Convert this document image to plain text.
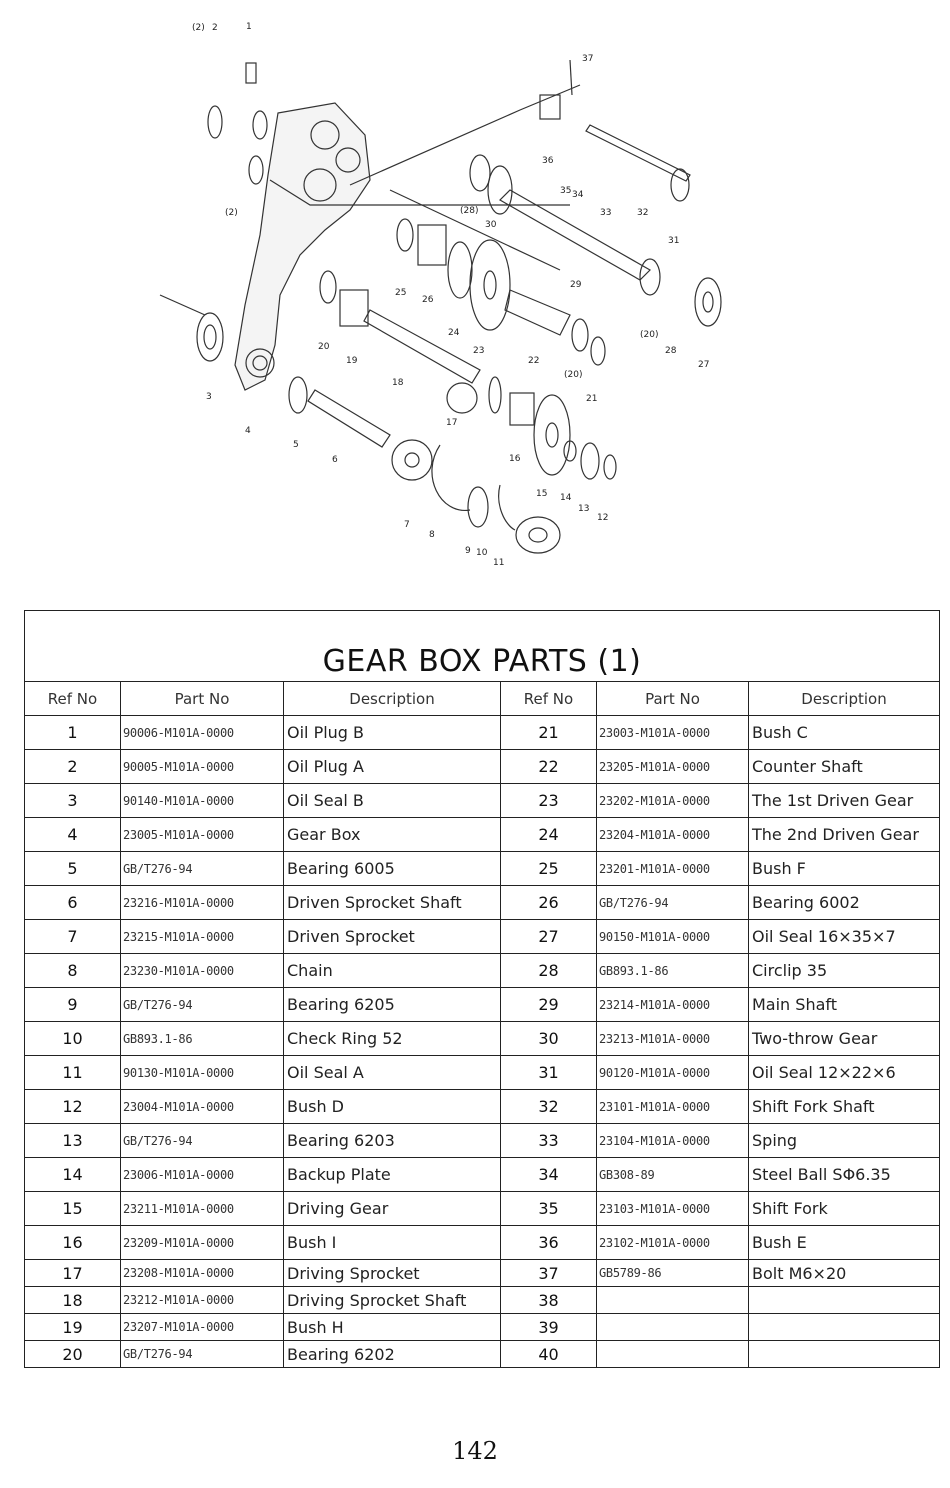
(2) 2	1
37
36
35 34
33	32
31
(2)	(28)
30
25
26
24
23
29
(20)
28
27
20
19
18
22
(20)
21
3
4
5
6
17
16
15 14
13
12
7
8
9 10
11
GEAR BOX PARTS (1)					
Ref No	Part No	Description	Ref No	Part No	Description
1	90006-M101A-0000	Oil Plug B	21	23003-M101A-0000	Bush C
2	90005-M101A-0000	Oil Plug A	22	23205-M101A-0000	Counter Shaft
3	90140-M101A-0000	Oil Seal B	23	23202-M101A-0000	The 1st Driven Gear
4	23005-M101A-0000	Gear Box	24	23204-M101A-0000	The 2nd Driven Gear
5	GB/T276-94	Bearing 6005	25	23201-M101A-0000	Bush F
6	23216-M101A-0000	Driven Sprocket Shaft	26	GB/T276-94	Bearing 6002
7	23215-M101A-0000	Driven Sprocket	27	90150-M101A-0000	Oil Seal 16×35×7
8	23230-M101A-0000	Chain	28	GB893.1-86	Circlip 35
9	GB/T276-94	Bearing 6205	29	23214-M101A-0000	Main Shaft
10	GB893.1-86	Check Ring 52	30	23213-M101A-0000	Two-throw Gear
11	90130-M101A-0000	Oil Seal A	31	90120-M101A-0000	Oil Seal 12×22×6
12	23004-M101A-0000	Bush D	32	23101-M101A-0000	Shift Fork Shaft
13	GB/T276-94	Bearing 6203	33	23104-M101A-0000	Sping
14	23006-M101A-0000	Backup Plate	34	GB308-89	Steel Ball SΦ6.35
15	23211-M101A-0000	Driving Gear	35	23103-M101A-0000	Shift Fork
16	23209-M101A-0000	Bush I	36	23102-M101A-0000	Bush E
17	23208-M101A-0000	Driving Sprocket	37	GB5789-86	Bolt M6×20
18	23212-M101A-0000	Driving Sprocket Shaft	38		
19	23207-M101A-0000	Bush H	39		
20	GB/T276-94	Bearing 6202	40		
142
